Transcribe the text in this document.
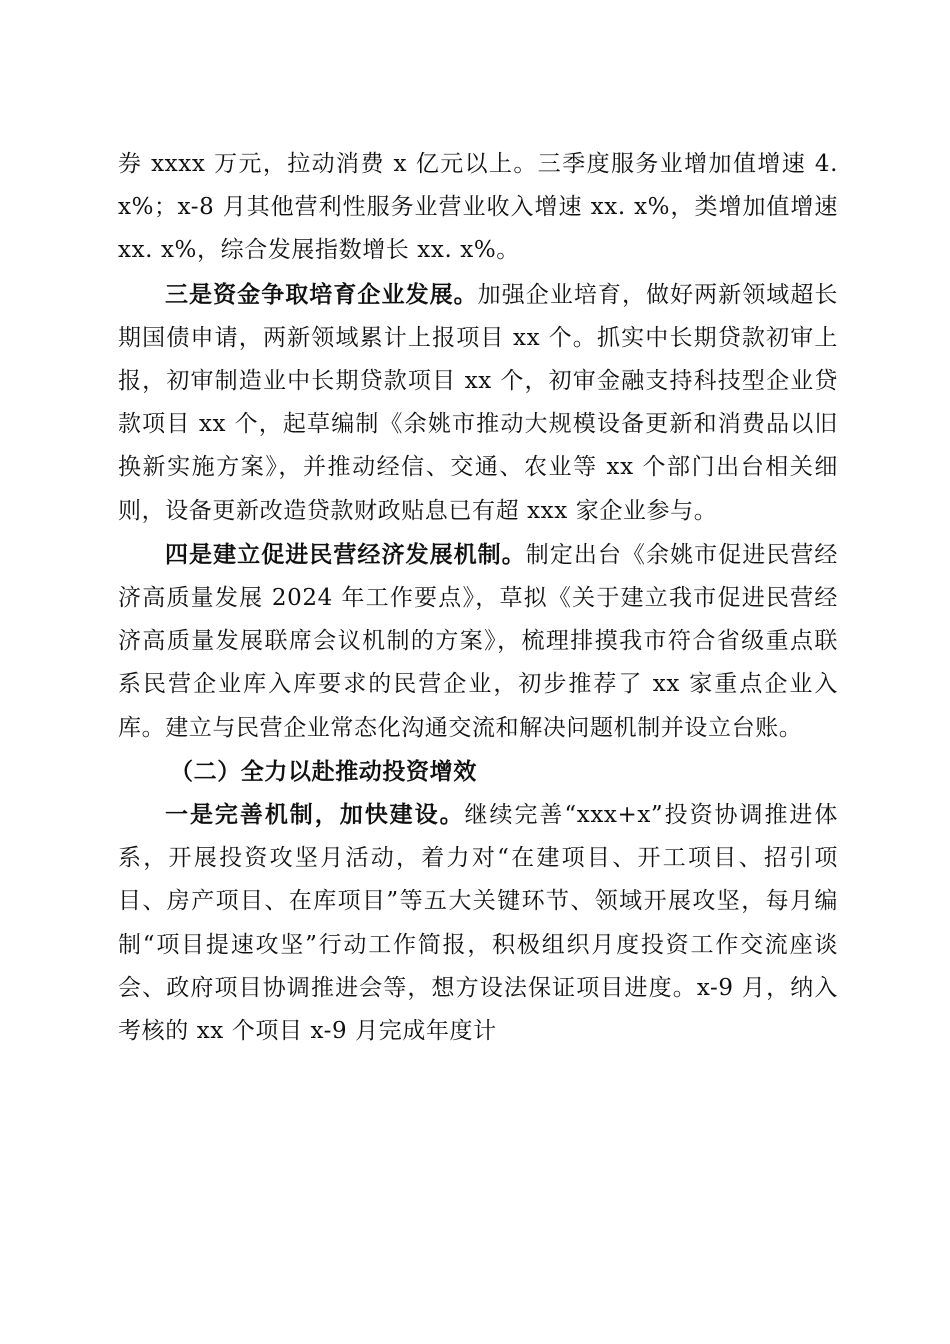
券 xxxx 万元，拉动消费 x 亿元以上。三季度服务业增加值增速 4. x%；x-8 月其他营利性服务业营业收入增速 xx. x%，类增加值增速 xx. x%，综合发展指数增长 xx. x%。

三是资金争取培育企业发展。加强企业培育，做好两新领域超长期国债申请，两新领域累计上报项目 xx 个。抓实中长期贷款初审上报，初审制造业中长期贷款项目 xx 个，初审金融支持科技型企业贷款项目 xx 个，起草编制《余姚市推动大规模设备更新和消费品以旧换新实施方案》，并推动经信、交通、农业等 xx 个部门出台相关细则，设备更新改造贷款财政贴息已有超 xxx 家企业参与。

四是建立促进民营经济发展机制。制定出台《余姚市促进民营经济高质量发展 2024 年工作要点》，草拟《关于建立我市促进民营经济高质量发展联席会议机制的方案》，梳理排摸我市符合省级重点联系民营企业库入库要求的民营企业，初步推荐了 xx 家重点企业入库。建立与民营企业常态化沟通交流和解决问题机制并设立台账。

（二）全力以赴推动投资增效

一是完善机制，加快建设。继续完善“xxx+x”投资协调推进体系，开展投资攻坚月活动，着力对“在建项目、开工项目、招引项目、房产项目、在库项目”等五大关键环节、领域开展攻坚，每月编制“项目提速攻坚”行动工作简报，积极组织月度投资工作交流座谈会、政府项目协调推进会等，想方设法保证项目进度。x-9 月，纳入考核的 xx 个项目 x-9 月完成年度计
